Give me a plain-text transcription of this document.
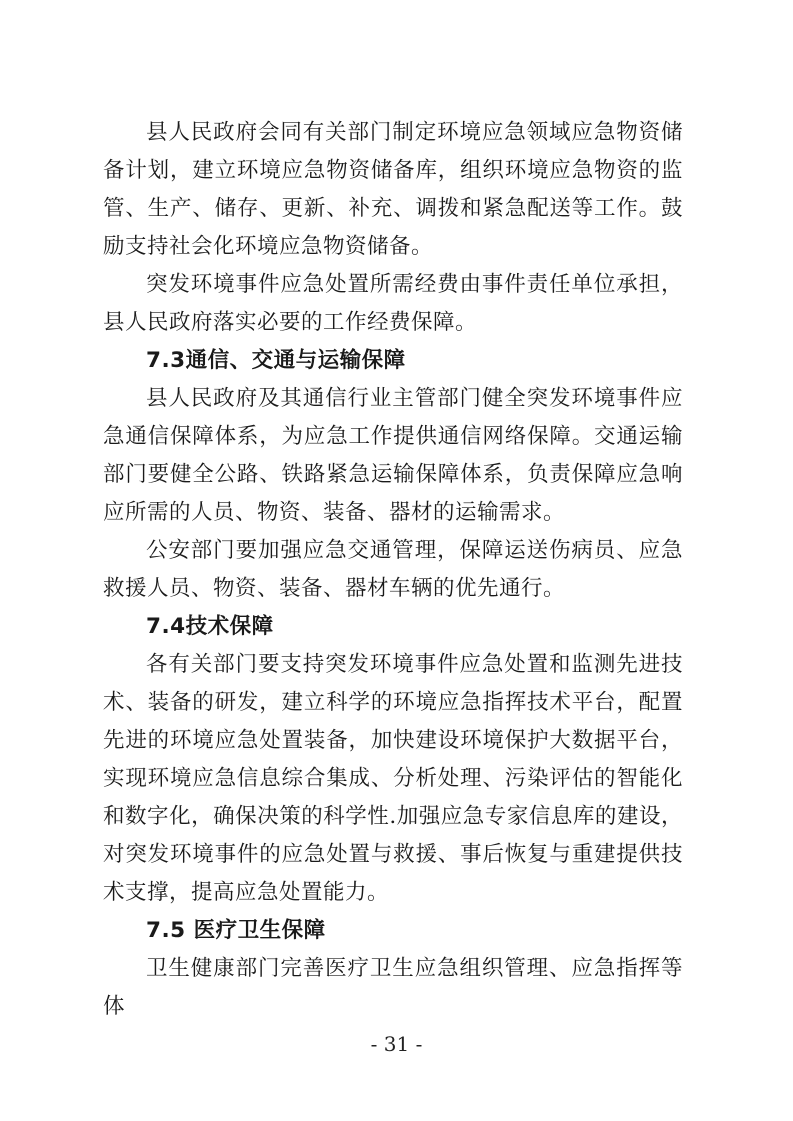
县人民政府会同有关部门制定环境应急领域应急物资储备计划，建立环境应急物资储备库，组织环境应急物资的监管、生产、储存、更新、补充、调拨和紧急配送等工作。鼓励支持社会化环境应急物资储备。

突发环境事件应急处置所需经费由事件责任单位承担，县人民政府落实必要的工作经费保障。

7.3通信、交通与运输保障

县人民政府及其通信行业主管部门健全突发环境事件应急通信保障体系，为应急工作提供通信网络保障。交通运输部门要健全公路、铁路紧急运输保障体系，负责保障应急响应所需的人员、物资、装备、器材的运输需求。

公安部门要加强应急交通管理，保障运送伤病员、应急救援人员、物资、装备、器材车辆的优先通行。

7.4技术保障

各有关部门要支持突发环境事件应急处置和监测先进技术、装备的研发，建立科学的环境应急指挥技术平台，配置先进的环境应急处置装备，加快建设环境保护大数据平台，实现环境应急信息综合集成、分析处理、污染评估的智能化和数字化，确保决策的科学性.加强应急专家信息库的建设，对突发环境事件的应急处置与救援、事后恢复与重建提供技术支撑，提高应急处置能力。

7.5 医疗卫生保障

卫生健康部门完善医疗卫生应急组织管理、应急指挥等体

- 31 -
